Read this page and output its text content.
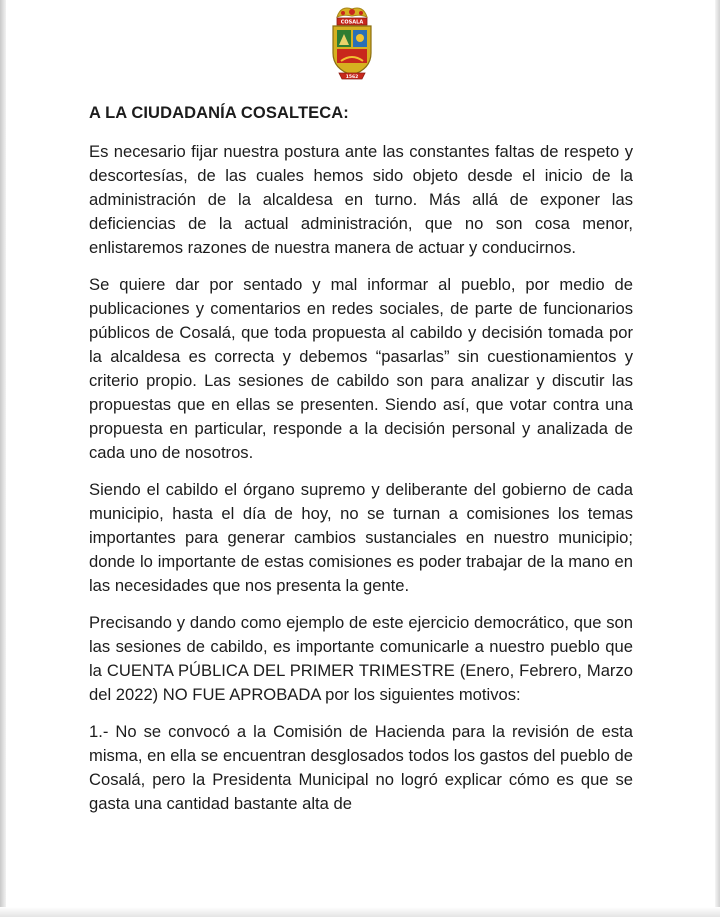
COSALA
1562
A LA CIUDADANÍA COSALTECA:

Es necesario fijar nuestra postura ante las constantes faltas de respeto y descortesías, de las cuales hemos sido objeto desde el inicio de la administración de la alcaldesa en turno. Más allá de exponer las deficiencias de la actual administración, que no son cosa menor, enlistaremos razones de nuestra manera de actuar y conducirnos.

Se quiere dar por sentado y mal informar al pueblo, por medio de publicaciones y comentarios en redes sociales, de parte de funcionarios públicos de Cosalá, que toda propuesta al cabildo y decisión tomada por la alcaldesa es correcta y debemos “pasarlas” sin cuestionamientos y criterio propio. Las sesiones de cabildo son para analizar y discutir las propuestas que en ellas se presenten. Siendo así, que votar contra una propuesta en particular, responde a la decisión personal y analizada de cada uno de nosotros.

Siendo el cabildo el órgano supremo y deliberante del gobierno de cada municipio, hasta el día de hoy, no se turnan a comisiones los temas importantes para generar cambios sustanciales en nuestro municipio; donde lo importante de estas comisiones es poder trabajar de la mano en las necesidades que nos presenta la gente.

Precisando y dando como ejemplo de este ejercicio democrático, que son las sesiones de cabildo, es importante comunicarle a nuestro pueblo que la CUENTA PÚBLICA DEL PRIMER TRIMESTRE (Enero, Febrero, Marzo del 2022) NO FUE APROBADA por los siguientes motivos:

1.- No se convocó a la Comisión de Hacienda para la revisión de esta misma, en ella se encuentran desglosados todos los gastos del pueblo de Cosalá, pero la Presidenta Municipal no logró explicar cómo es que se gasta una cantidad bastante alta de
